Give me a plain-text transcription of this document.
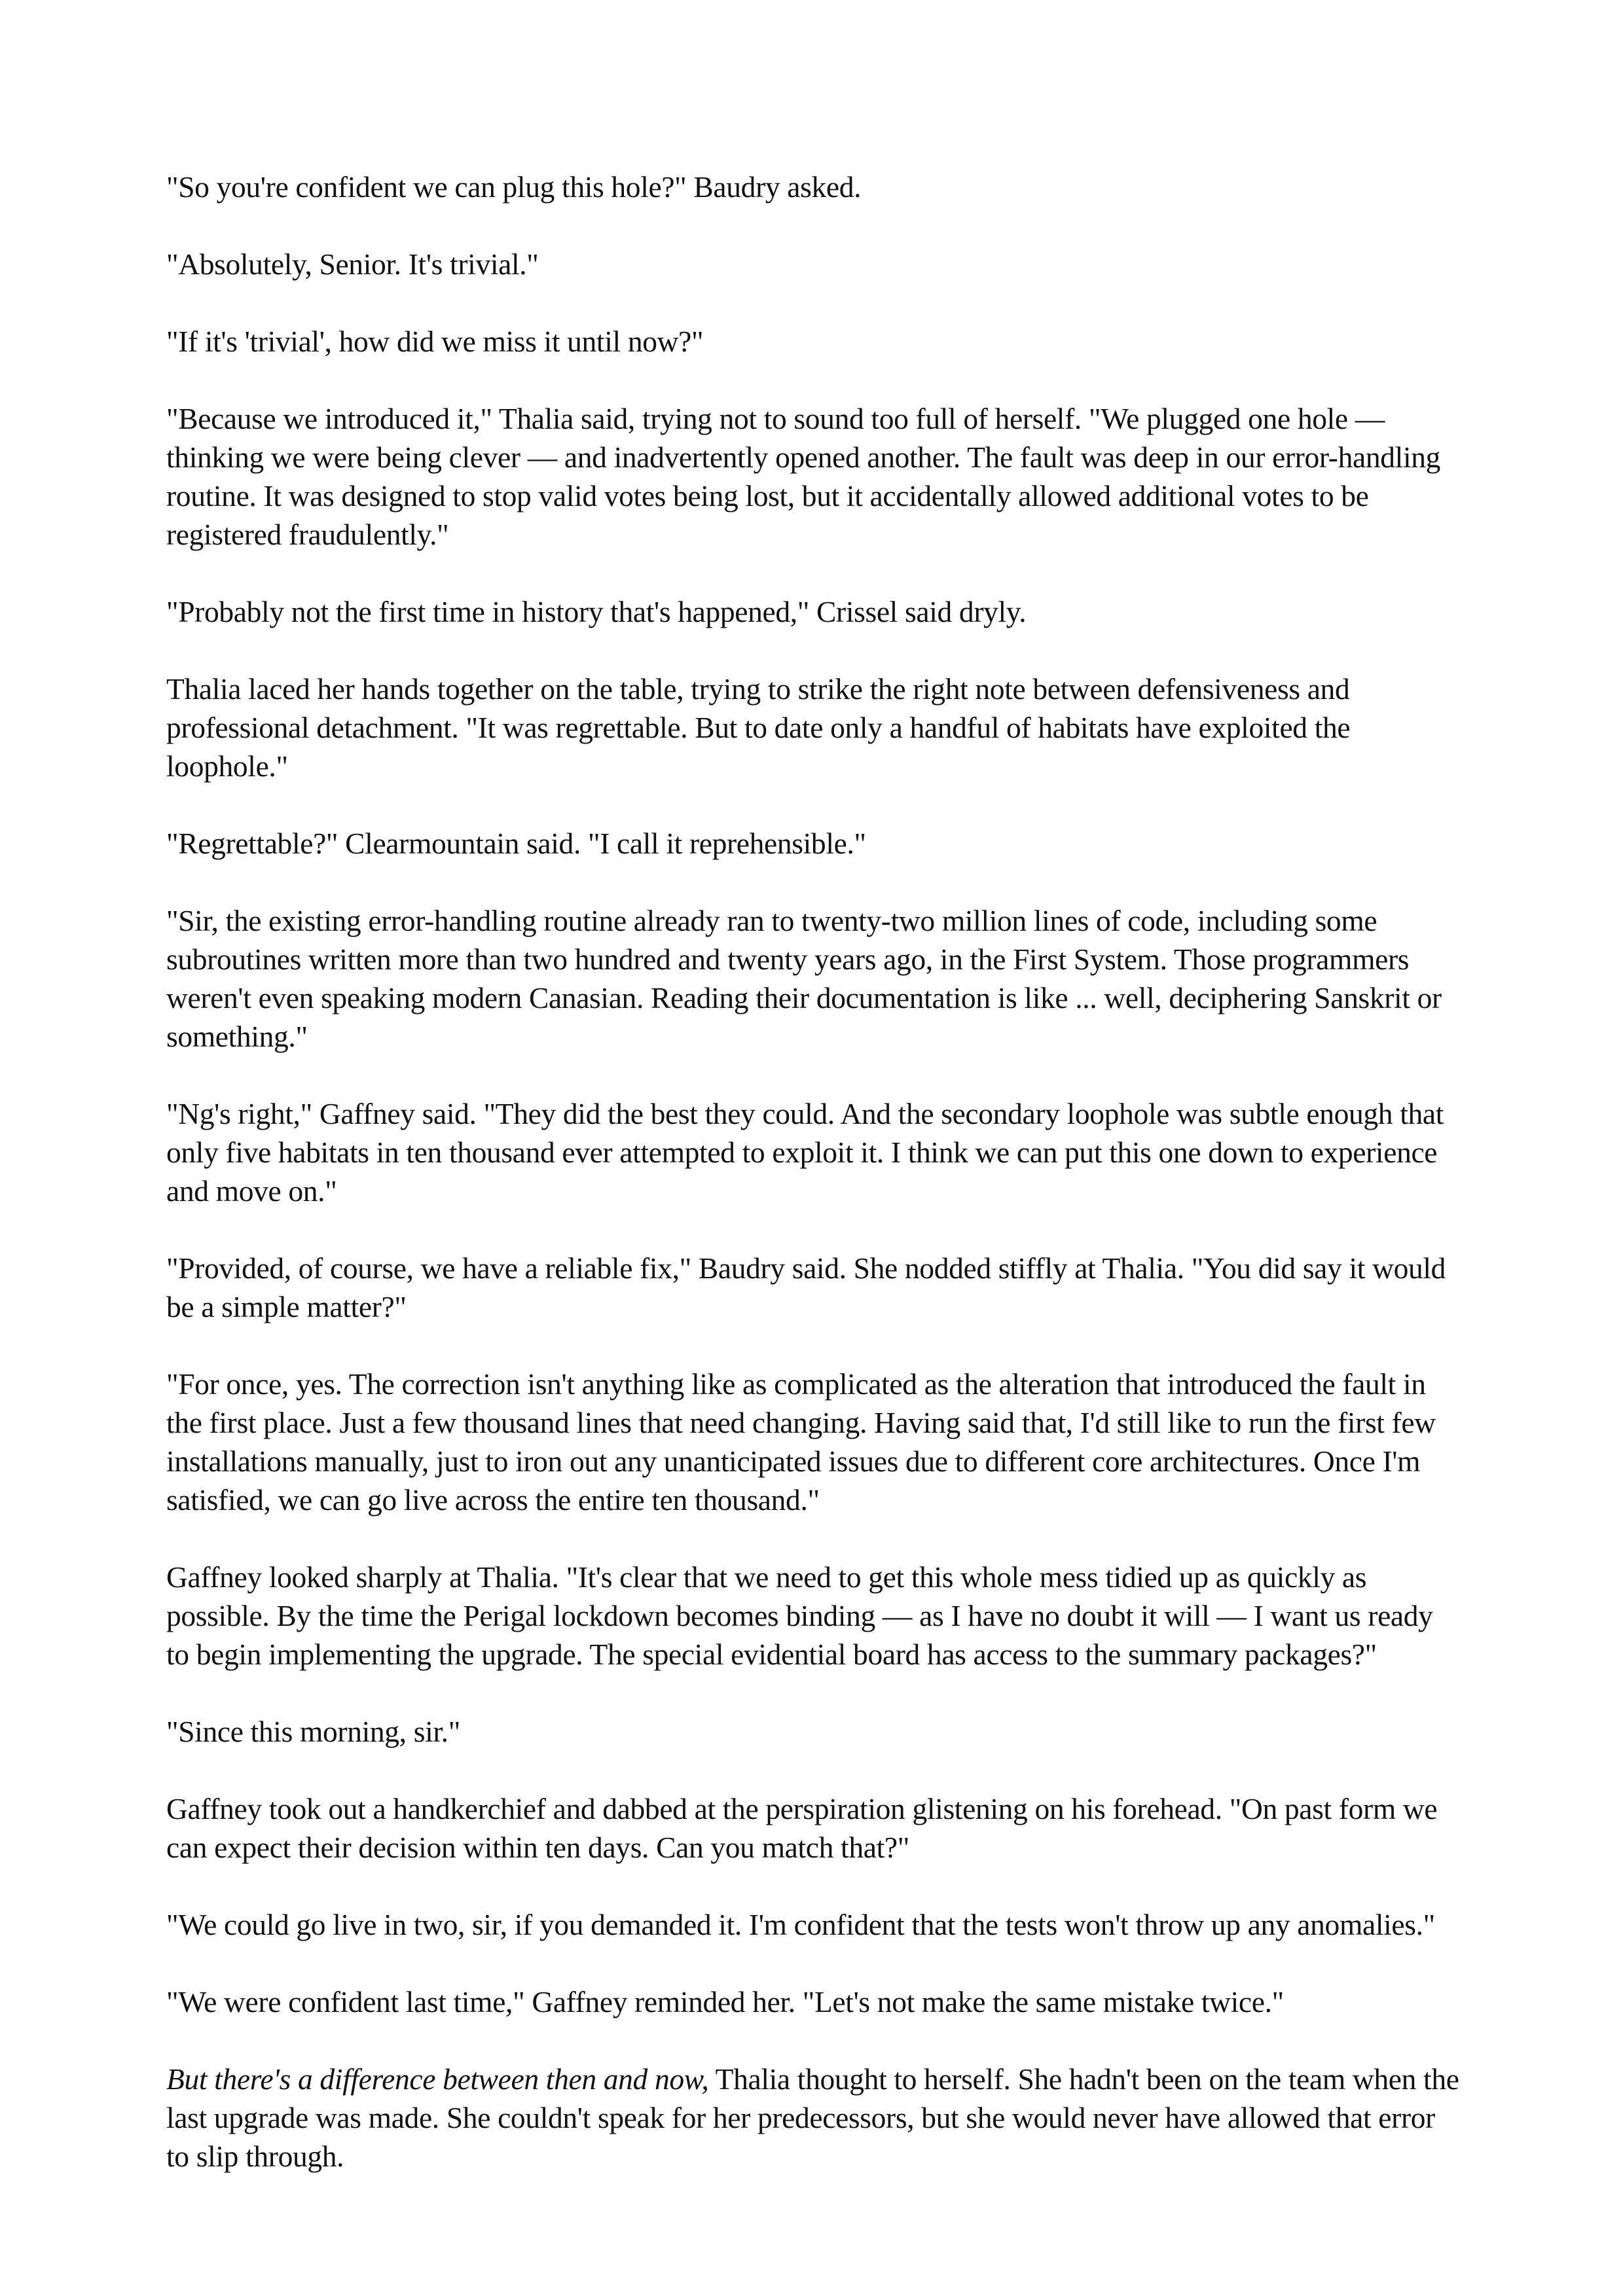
"So you're confident we can plug this hole?" Baudry asked.

"Absolutely, Senior. It's trivial."

"If it's 'trivial', how did we miss it until now?"

"Because we introduced it," Thalia said, trying not to sound too full of herself. "We plugged one hole — thinking we were being clever — and inadvertently opened another. The fault was deep in our error-handling routine. It was designed to stop valid votes being lost, but it accidentally allowed additional votes to be registered fraudulently."

"Probably not the first time in history that's happened," Crissel said dryly.

Thalia laced her hands together on the table, trying to strike the right note between defensiveness and professional detachment. "It was regrettable. But to date only a handful of habitats have exploited the loophole."

"Regrettable?" Clearmountain said. "I call it reprehensible."

"Sir, the existing error-handling routine already ran to twenty-two million lines of code, including some subroutines written more than two hundred and twenty years ago, in the First System. Those programmers weren't even speaking modern Canasian. Reading their documentation is like ... well, deciphering Sanskrit or something."

"Ng's right," Gaffney said. "They did the best they could. And the secondary loophole was subtle enough that only five habitats in ten thousand ever attempted to exploit it. I think we can put this one down to experience and move on."

"Provided, of course, we have a reliable fix," Baudry said. She nodded stiffly at Thalia. "You did say it would be a simple matter?"

"For once, yes. The correction isn't anything like as complicated as the alteration that introduced the fault in the first place. Just a few thousand lines that need changing. Having said that, I'd still like to run the first few installations manually, just to iron out any unanticipated issues due to different core architectures. Once I'm satisfied, we can go live across the entire ten thousand."

Gaffney looked sharply at Thalia. "It's clear that we need to get this whole mess tidied up as quickly as possible. By the time the Perigal lockdown becomes binding — as I have no doubt it will — I want us ready to begin implementing the upgrade. The special evidential board has access to the summary packages?"

"Since this morning, sir."

Gaffney took out a handkerchief and dabbed at the perspiration glistening on his forehead. "On past form we can expect their decision within ten days. Can you match that?"

"We could go live in two, sir, if you demanded it. I'm confident that the tests won't throw up any anomalies."

"We were confident last time," Gaffney reminded her. "Let's not make the same mistake twice."

But there's a difference between then and now, Thalia thought to herself. She hadn't been on the team when the last upgrade was made. She couldn't speak for her predecessors, but she would never have allowed that error to slip through.
